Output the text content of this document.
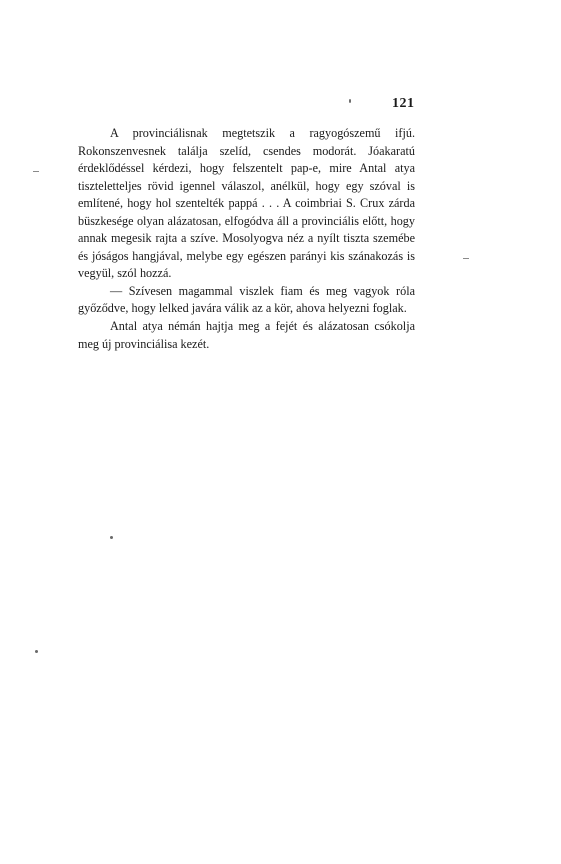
121

A provinciálisnak megtetszik a ragyogószemű ifjú. Rokonszenvesnek találja szelíd, csendes modorát. Jóakaratú érdeklődéssel kérdezi, hogy felszentelt pap-e, mire Antal atya tiszteletteljes rövid igennel válaszol, anélkül, hogy egy szóval is említené, hogy hol szentelték pappá . . . A coimbriai S. Crux zárda büszkesége olyan alázatosan, elfogódva áll a provinciális előtt, hogy annak megesik rajta a szíve. Mosolyogva néz a nyílt tiszta szemébe és jóságos hangjával, melybe egy egészen parányi kis szánakozás is vegyül, szól hozzá.

— Szívesen magammal viszlek fiam és meg vagyok róla győződve, hogy lelked javára válik az a kör, ahova helyezni foglak.

Antal atya némán hajtja meg a fejét és alázatosan csókolja meg új provinciálisa kezét.
